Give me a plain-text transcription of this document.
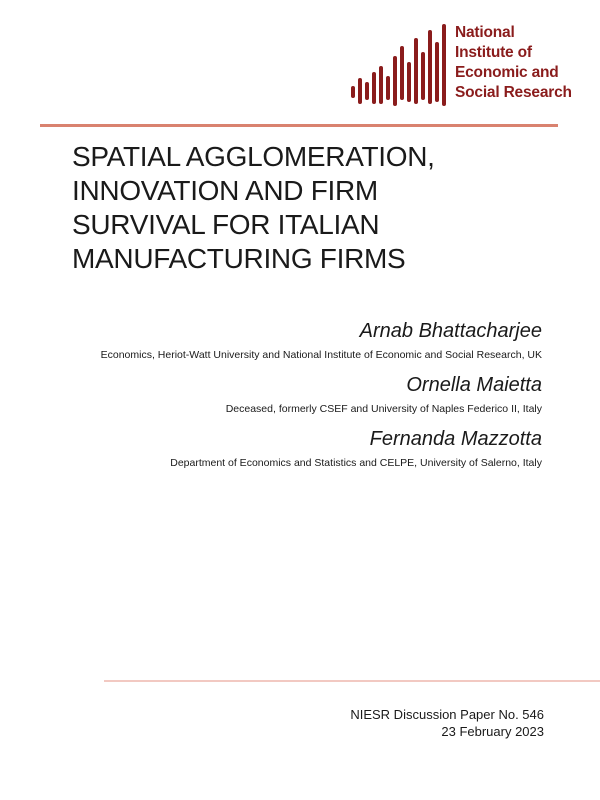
National
Institute of
Economic and
Social Research
SPATIAL AGGLOMERATION,
INNOVATION AND FIRM
SURVIVAL FOR ITALIAN
MANUFACTURING FIRMS
Arnab Bhattacharjee
Economics, Heriot-Watt University and National Institute of Economic and Social Research, UK
Ornella Maietta
Deceased, formerly CSEF and University of Naples Federico II, Italy
Fernanda Mazzotta
Department of Economics and Statistics and CELPE, University of Salerno, Italy
NIESR Discussion Paper No. 546
23 February 2023
